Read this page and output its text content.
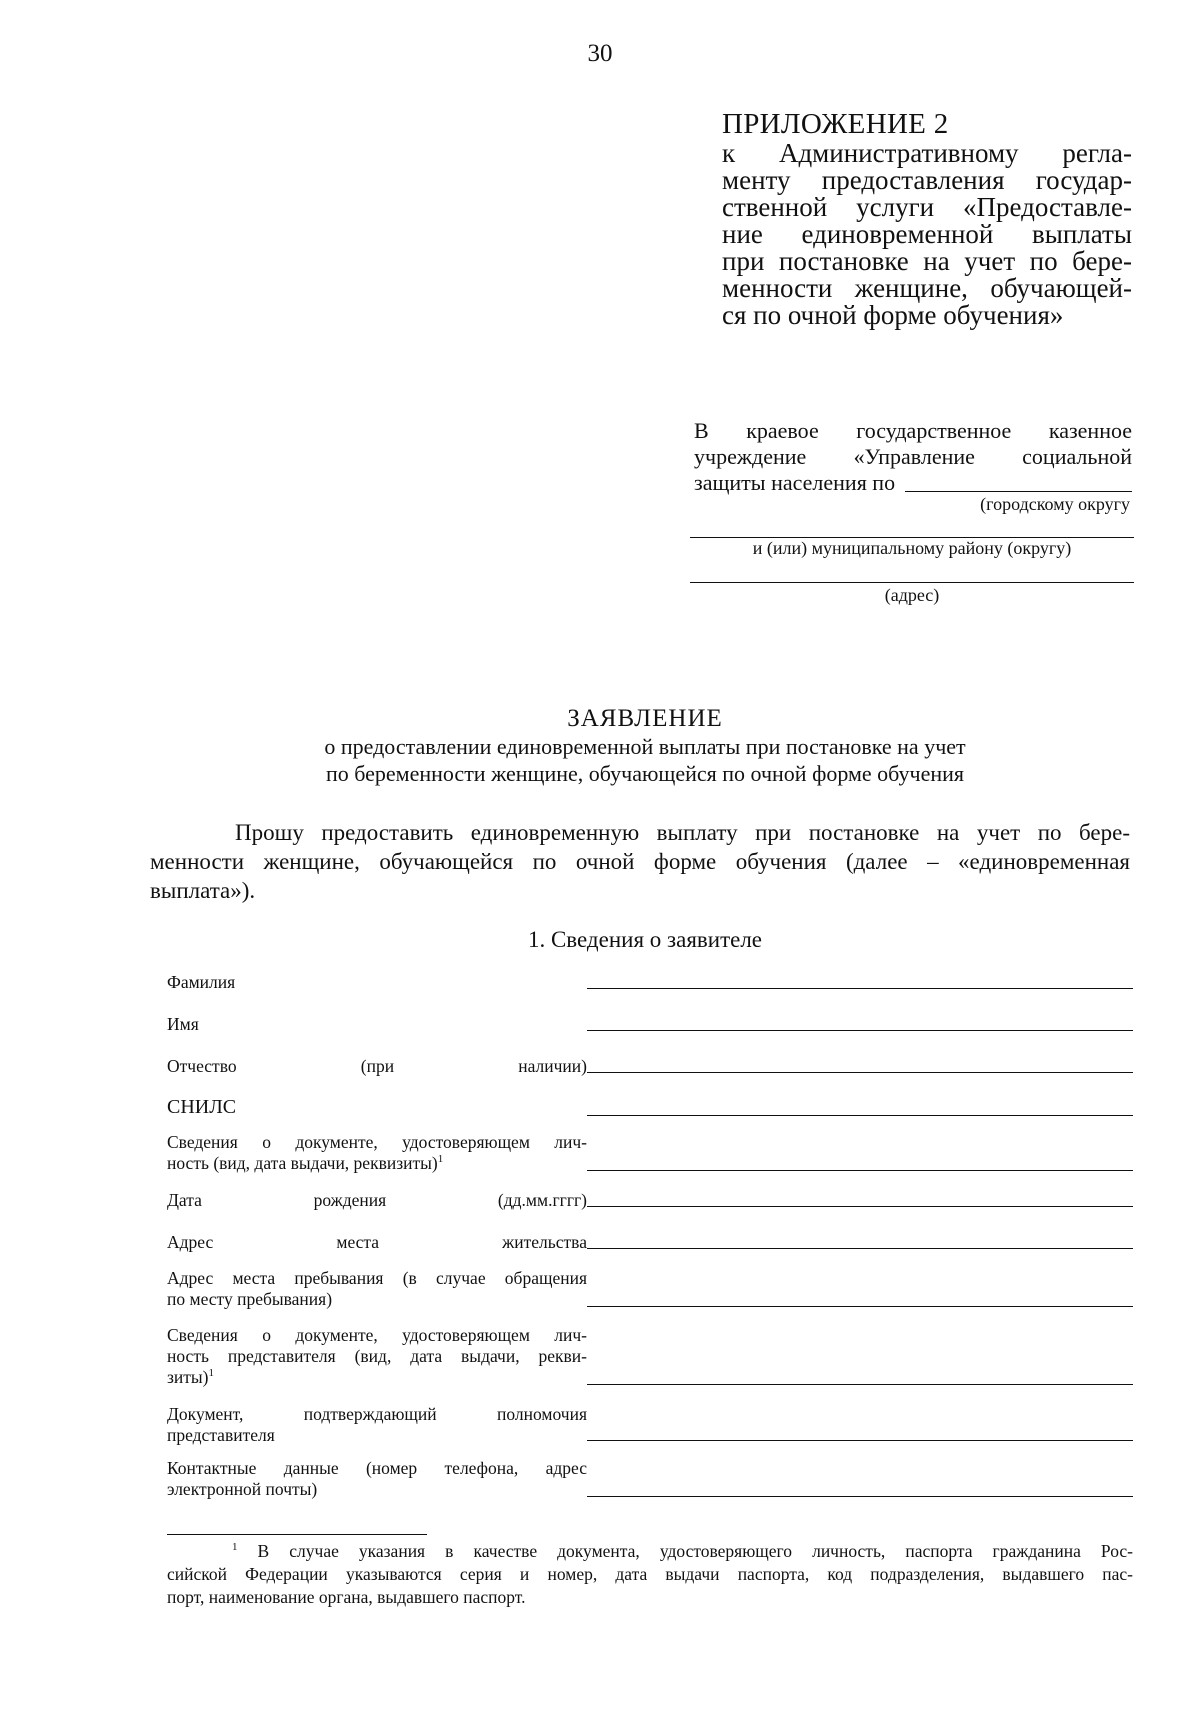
30
ПРИЛОЖЕНИЕ 2
к Административному регла-
менту предоставления государ-
ственной услуги «Предоставле-
ние единовременной выплаты
при постановке на учет по бере-
менности женщине, обучающей-
ся по очной форме обучения»
В краевое государственное казенное
учреждение «Управление социальной
защиты населения по
(городскому округу
и (или) муниципальному району (округу)
(адрес)
ЗАЯВЛЕНИЕ
о предоставлении единовременной выплаты при постановке на учет
по беременности женщине, обучающейся по очной форме обучения
Прошу предоставить единовременную выплату при постановке на учет по бере-
менности женщине, обучающейся по очной форме обучения (далее – «единовременная
выплата»).
1. Сведения о заявителе
Фамилия
Имя
Отчество (при наличии)
СНИЛС
Сведения о документе, удостоверяющем лич-
ность (вид, дата выдачи, реквизиты)$^1$
Дата рождения (дд.мм.гггг)
Адрес места жительства
Адрес места пребывания (в случае обращения
по месту пребывания)
Сведения о документе, удостоверяющем лич-
ность представителя (вид, дата выдачи, рекви-
зиты)$^1$
Документ, подтверждающий полномочия
представителя
Контактные данные (номер телефона, адрес
электронной почты)
$^1$ В случае указания в качестве документа, удостоверяющего личность, паспорта гражданина Рос-
сийской Федерации указываются серия и номер, дата выдачи паспорта, код подразделения, выдавшего пас-
порт, наименование органа, выдавшего паспорт.
